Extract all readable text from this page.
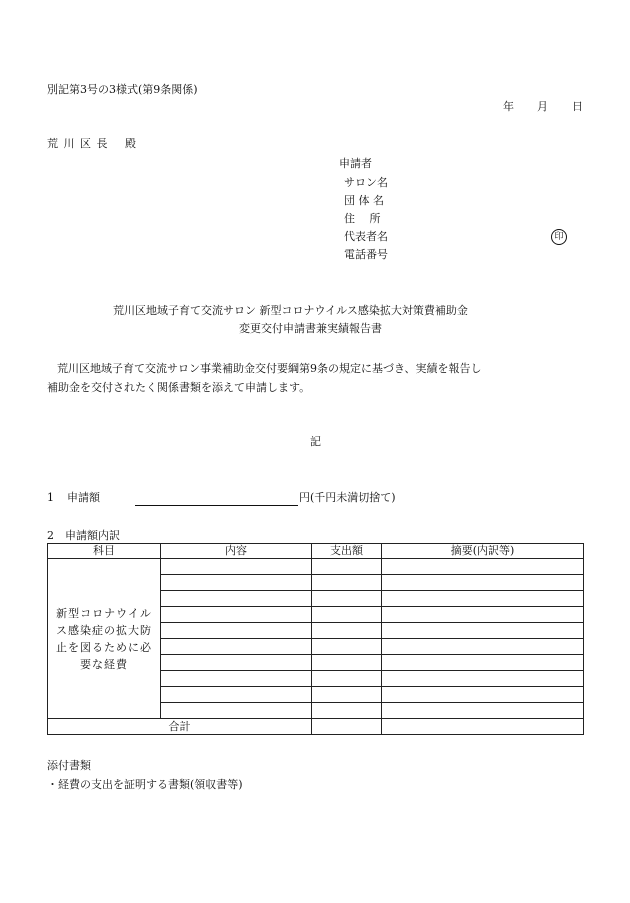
別記第3号の3様式(第9条関係)
年 月 日
荒 川 区 長　 殿
申請者
サロン名
団 体 名
住　 所
代表者名	印
電話番号
荒川区地域子育て交流サロン 新型コロナウイルス感染拡大対策費補助金
変更交付申請書兼実績報告書
荒川区地域子育て交流サロン事業補助金交付要綱第9条の規定に基づき、実績を報告し
補助金を交付されたく関係書類を添えて申請します。
記
1 申請額	円(千円未満切捨て)
2　申請額内訳
科目	内容	支出額	摘要(内訳等)

新型コロナウイルス感染症の拡大防止を図るために必要な経費			

合計			
添付書類
・経費の支出を証明する書類(領収書等)
